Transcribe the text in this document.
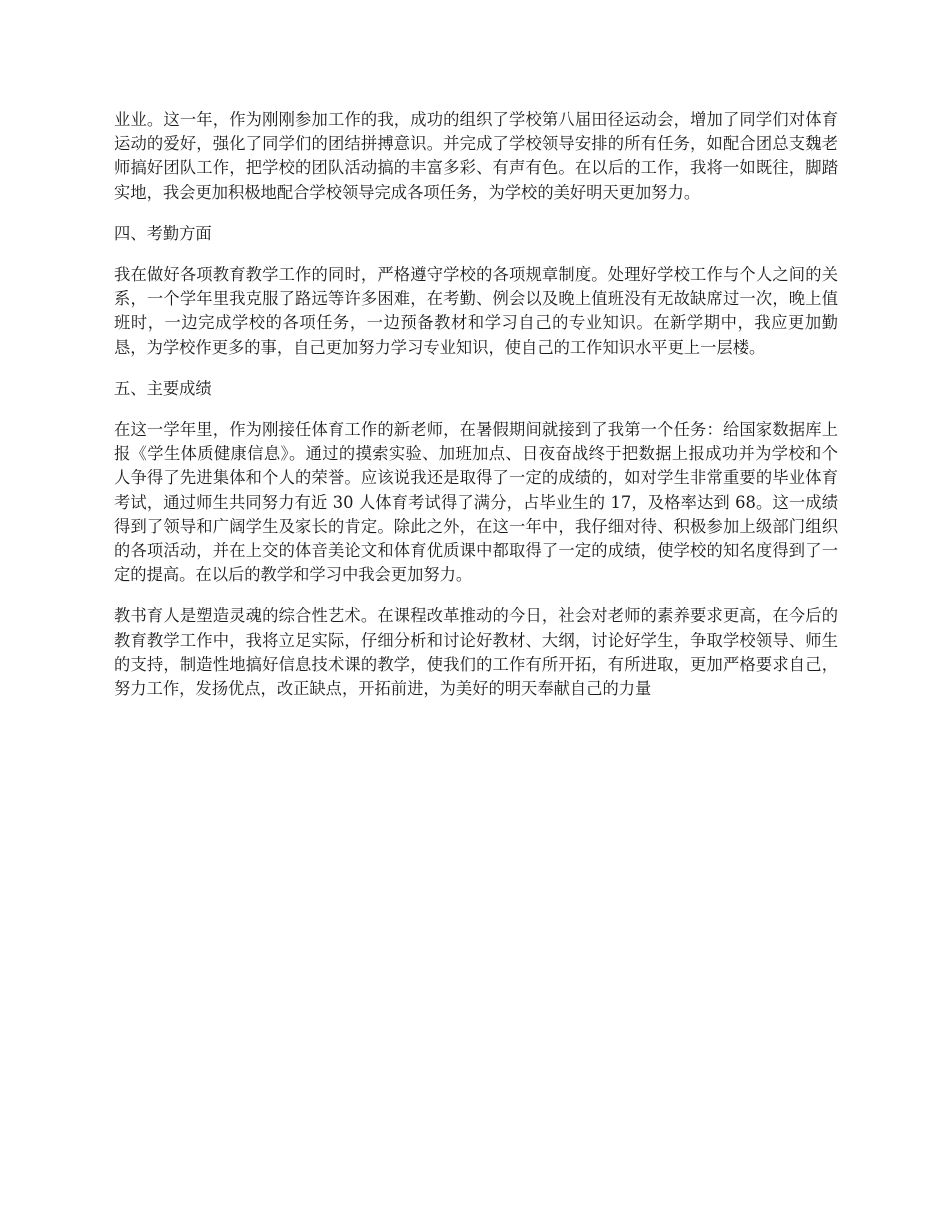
业业。这一年，作为刚刚参加工作的我，成功的组织了学校第八届田径运动会，增加了同学们对体育运动的爱好，强化了同学们的团结拼搏意识。并完成了学校领导安排的所有任务，如配合团总支魏老师搞好团队工作，把学校的团队活动搞的丰富多彩、有声有色。在以后的工作，我将一如既往，脚踏实地，我会更加积极地配合学校领导完成各项任务，为学校的美好明天更加努力。

四、考勤方面

我在做好各项教育教学工作的同时，严格遵守学校的各项规章制度。处理好学校工作与个人之间的关系，一个学年里我克服了路远等许多困难，在考勤、例会以及晚上值班没有无故缺席过一次，晚上值班时，一边完成学校的各项任务，一边预备教材和学习自己的专业知识。在新学期中，我应更加勤恳，为学校作更多的事，自己更加努力学习专业知识，使自己的工作知识水平更上一层楼。

五、主要成绩

在这一学年里，作为刚接任体育工作的新老师，在暑假期间就接到了我第一个任务：给国家数据库上报《学生体质健康信息》。通过的摸索实验、加班加点、日夜奋战终于把数据上报成功并为学校和个人争得了先进集体和个人的荣誉。应该说我还是取得了一定的成绩的，如对学生非常重要的毕业体育考试，通过师生共同努力有近 30 人体育考试得了满分，占毕业生的 17，及格率达到 68。这一成绩得到了领导和广阔学生及家长的肯定。除此之外，在这一年中，我仔细对待、积极参加上级部门组织的各项活动，并在上交的体音美论文和体育优质课中都取得了一定的成绩，使学校的知名度得到了一定的提高。在以后的教学和学习中我会更加努力。

教书育人是塑造灵魂的综合性艺术。在课程改革推动的今日，社会对老师的素养要求更高，在今后的教育教学工作中，我将立足实际，仔细分析和讨论好教材、大纲，讨论好学生，争取学校领导、师生的支持，制造性地搞好信息技术课的教学，使我们的工作有所开拓，有所进取，更加严格要求自己，努力工作，发扬优点，改正缺点，开拓前进，为美好的明天奉献自己的力量
